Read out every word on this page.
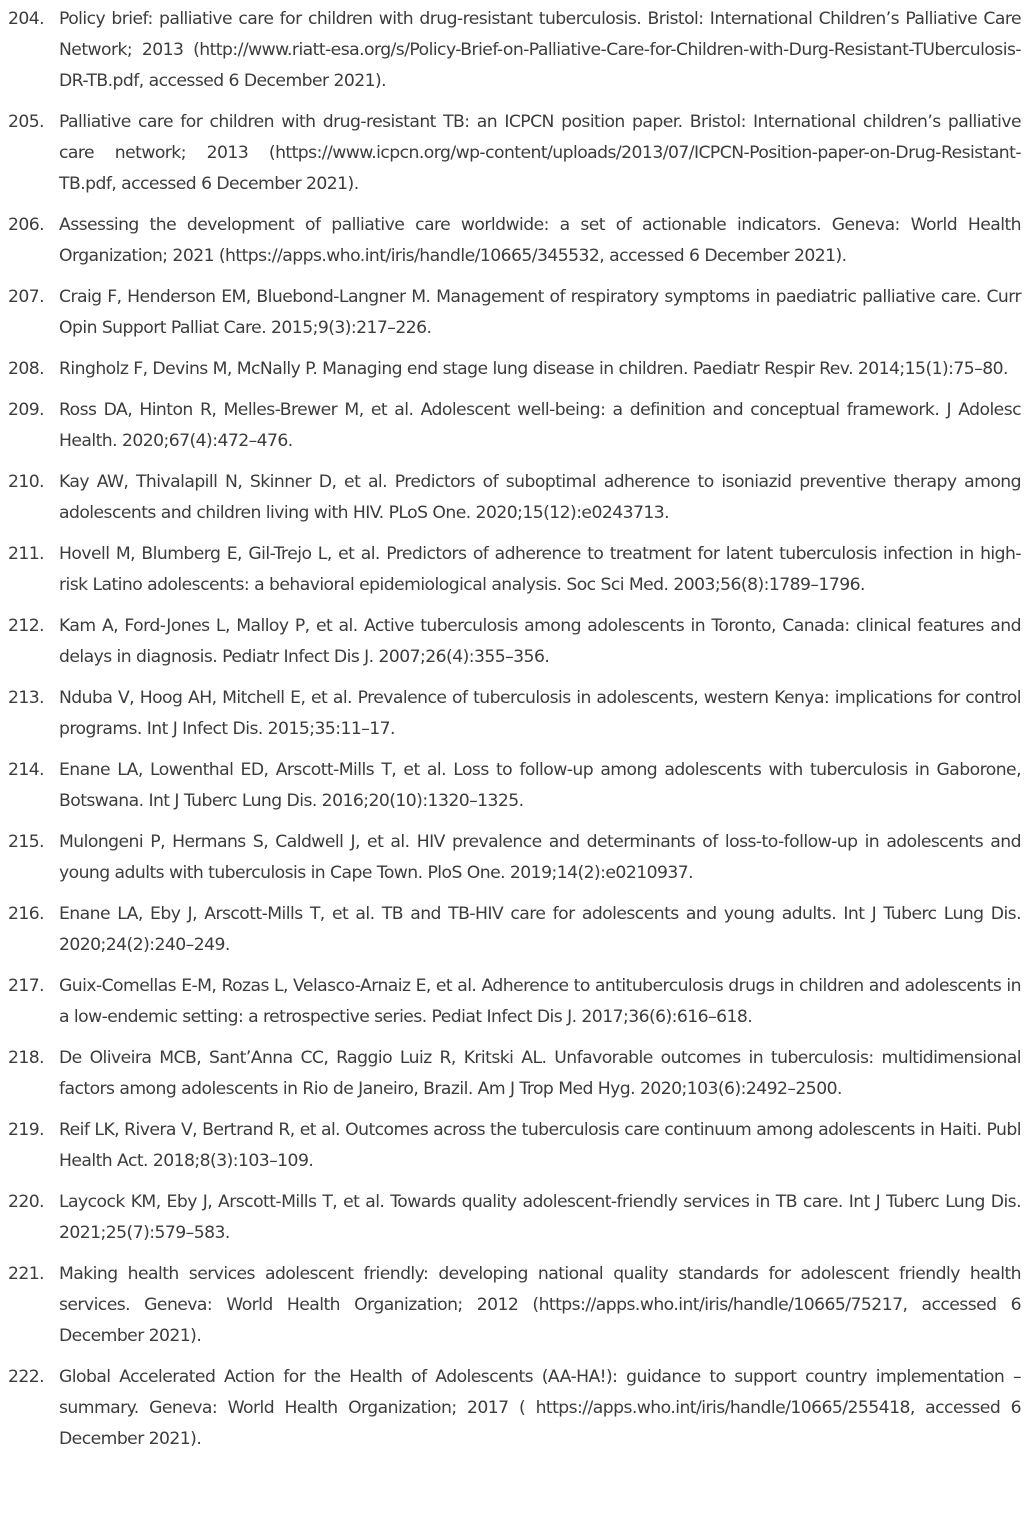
204. Policy brief: palliative care for children with drug-resistant tuberculosis. Bristol: International Children’s Palliative Care Network; 2013 (http://www.riatt-esa.org/s/Policy-Brief-on-Palliative-Care-for-Children-with-Durg-Resistant-TUberculosis-DR-TB.pdf, accessed 6 December 2021).
205. Palliative care for children with drug-resistant TB: an ICPCN position paper. Bristol: International children’s palliative care network; 2013 (https://www.icpcn.org/wp-content/uploads/2013/07/ICPCN-Position-paper-on-Drug-Resistant-TB.pdf, accessed 6 December 2021).
206. Assessing the development of palliative care worldwide: a set of actionable indicators. Geneva: World Health Organization; 2021 (https://apps.who.int/iris/handle/10665/345532, accessed 6 December 2021).
207. Craig F, Henderson EM, Bluebond-Langner M. Management of respiratory symptoms in paediatric palliative care. Curr Opin Support Palliat Care. 2015;9(3):217–226.
208. Ringholz F, Devins M, McNally P. Managing end stage lung disease in children. Paediatr Respir Rev. 2014;15(1):75–80.
209. Ross DA, Hinton R, Melles-Brewer M, et al. Adolescent well-being: a definition and conceptual framework. J Adolesc Health. 2020;67(4):472–476.
210. Kay AW, Thivalapill N, Skinner D, et al. Predictors of suboptimal adherence to isoniazid preventive therapy among adolescents and children living with HIV. PLoS One. 2020;15(12):e0243713.
211. Hovell M, Blumberg E, Gil-Trejo L, et al. Predictors of adherence to treatment for latent tuberculosis infection in high-risk Latino adolescents: a behavioral epidemiological analysis. Soc Sci Med. 2003;56(8):1789–1796.
212. Kam A, Ford-Jones L, Malloy P, et al. Active tuberculosis among adolescents in Toronto, Canada: clinical features and delays in diagnosis. Pediatr Infect Dis J. 2007;26(4):355–356.
213. Nduba V, Hoog AH, Mitchell E, et al. Prevalence of tuberculosis in adolescents, western Kenya: implications for control programs. Int J Infect Dis. 2015;35:11–17.
214. Enane LA, Lowenthal ED, Arscott-Mills T, et al. Loss to follow-up among adolescents with tuberculosis in Gaborone, Botswana. Int J Tuberc Lung Dis. 2016;20(10):1320–1325.
215. Mulongeni P, Hermans S, Caldwell J, et al. HIV prevalence and determinants of loss-to-follow-up in adolescents and young adults with tuberculosis in Cape Town. PloS One. 2019;14(2):e0210937.
216. Enane LA, Eby J, Arscott-Mills T, et al. TB and TB-HIV care for adolescents and young adults. Int J Tuberc Lung Dis. 2020;24(2):240–249.
217. Guix-Comellas E-M, Rozas L, Velasco-Arnaiz E, et al. Adherence to antituberculosis drugs in children and adolescents in a low-endemic setting: a retrospective series. Pediat Infect Dis J. 2017;36(6):616–618.
218. De Oliveira MCB, Sant’Anna CC, Raggio Luiz R, Kritski AL. Unfavorable outcomes in tuberculosis: multidimensional factors among adolescents in Rio de Janeiro, Brazil. Am J Trop Med Hyg. 2020;103(6):2492–2500.
219. Reif LK, Rivera V, Bertrand R, et al. Outcomes across the tuberculosis care continuum among adolescents in Haiti. Publ Health Act. 2018;8(3):103–109.
220. Laycock KM, Eby J, Arscott-Mills T, et al. Towards quality adolescent-friendly services in TB care. Int J Tuberc Lung Dis. 2021;25(7):579–583.
221. Making health services adolescent friendly: developing national quality standards for adolescent friendly health services. Geneva: World Health Organization; 2012 (https://apps.who.int/iris/handle/10665/75217, accessed 6 December 2021).
222. Global Accelerated Action for the Health of Adolescents (AA-HA!): guidance to support country implementation – summary. Geneva: World Health Organization; 2017 ( https://apps.who.int/iris/handle/10665/255418, accessed 6 December 2021).
